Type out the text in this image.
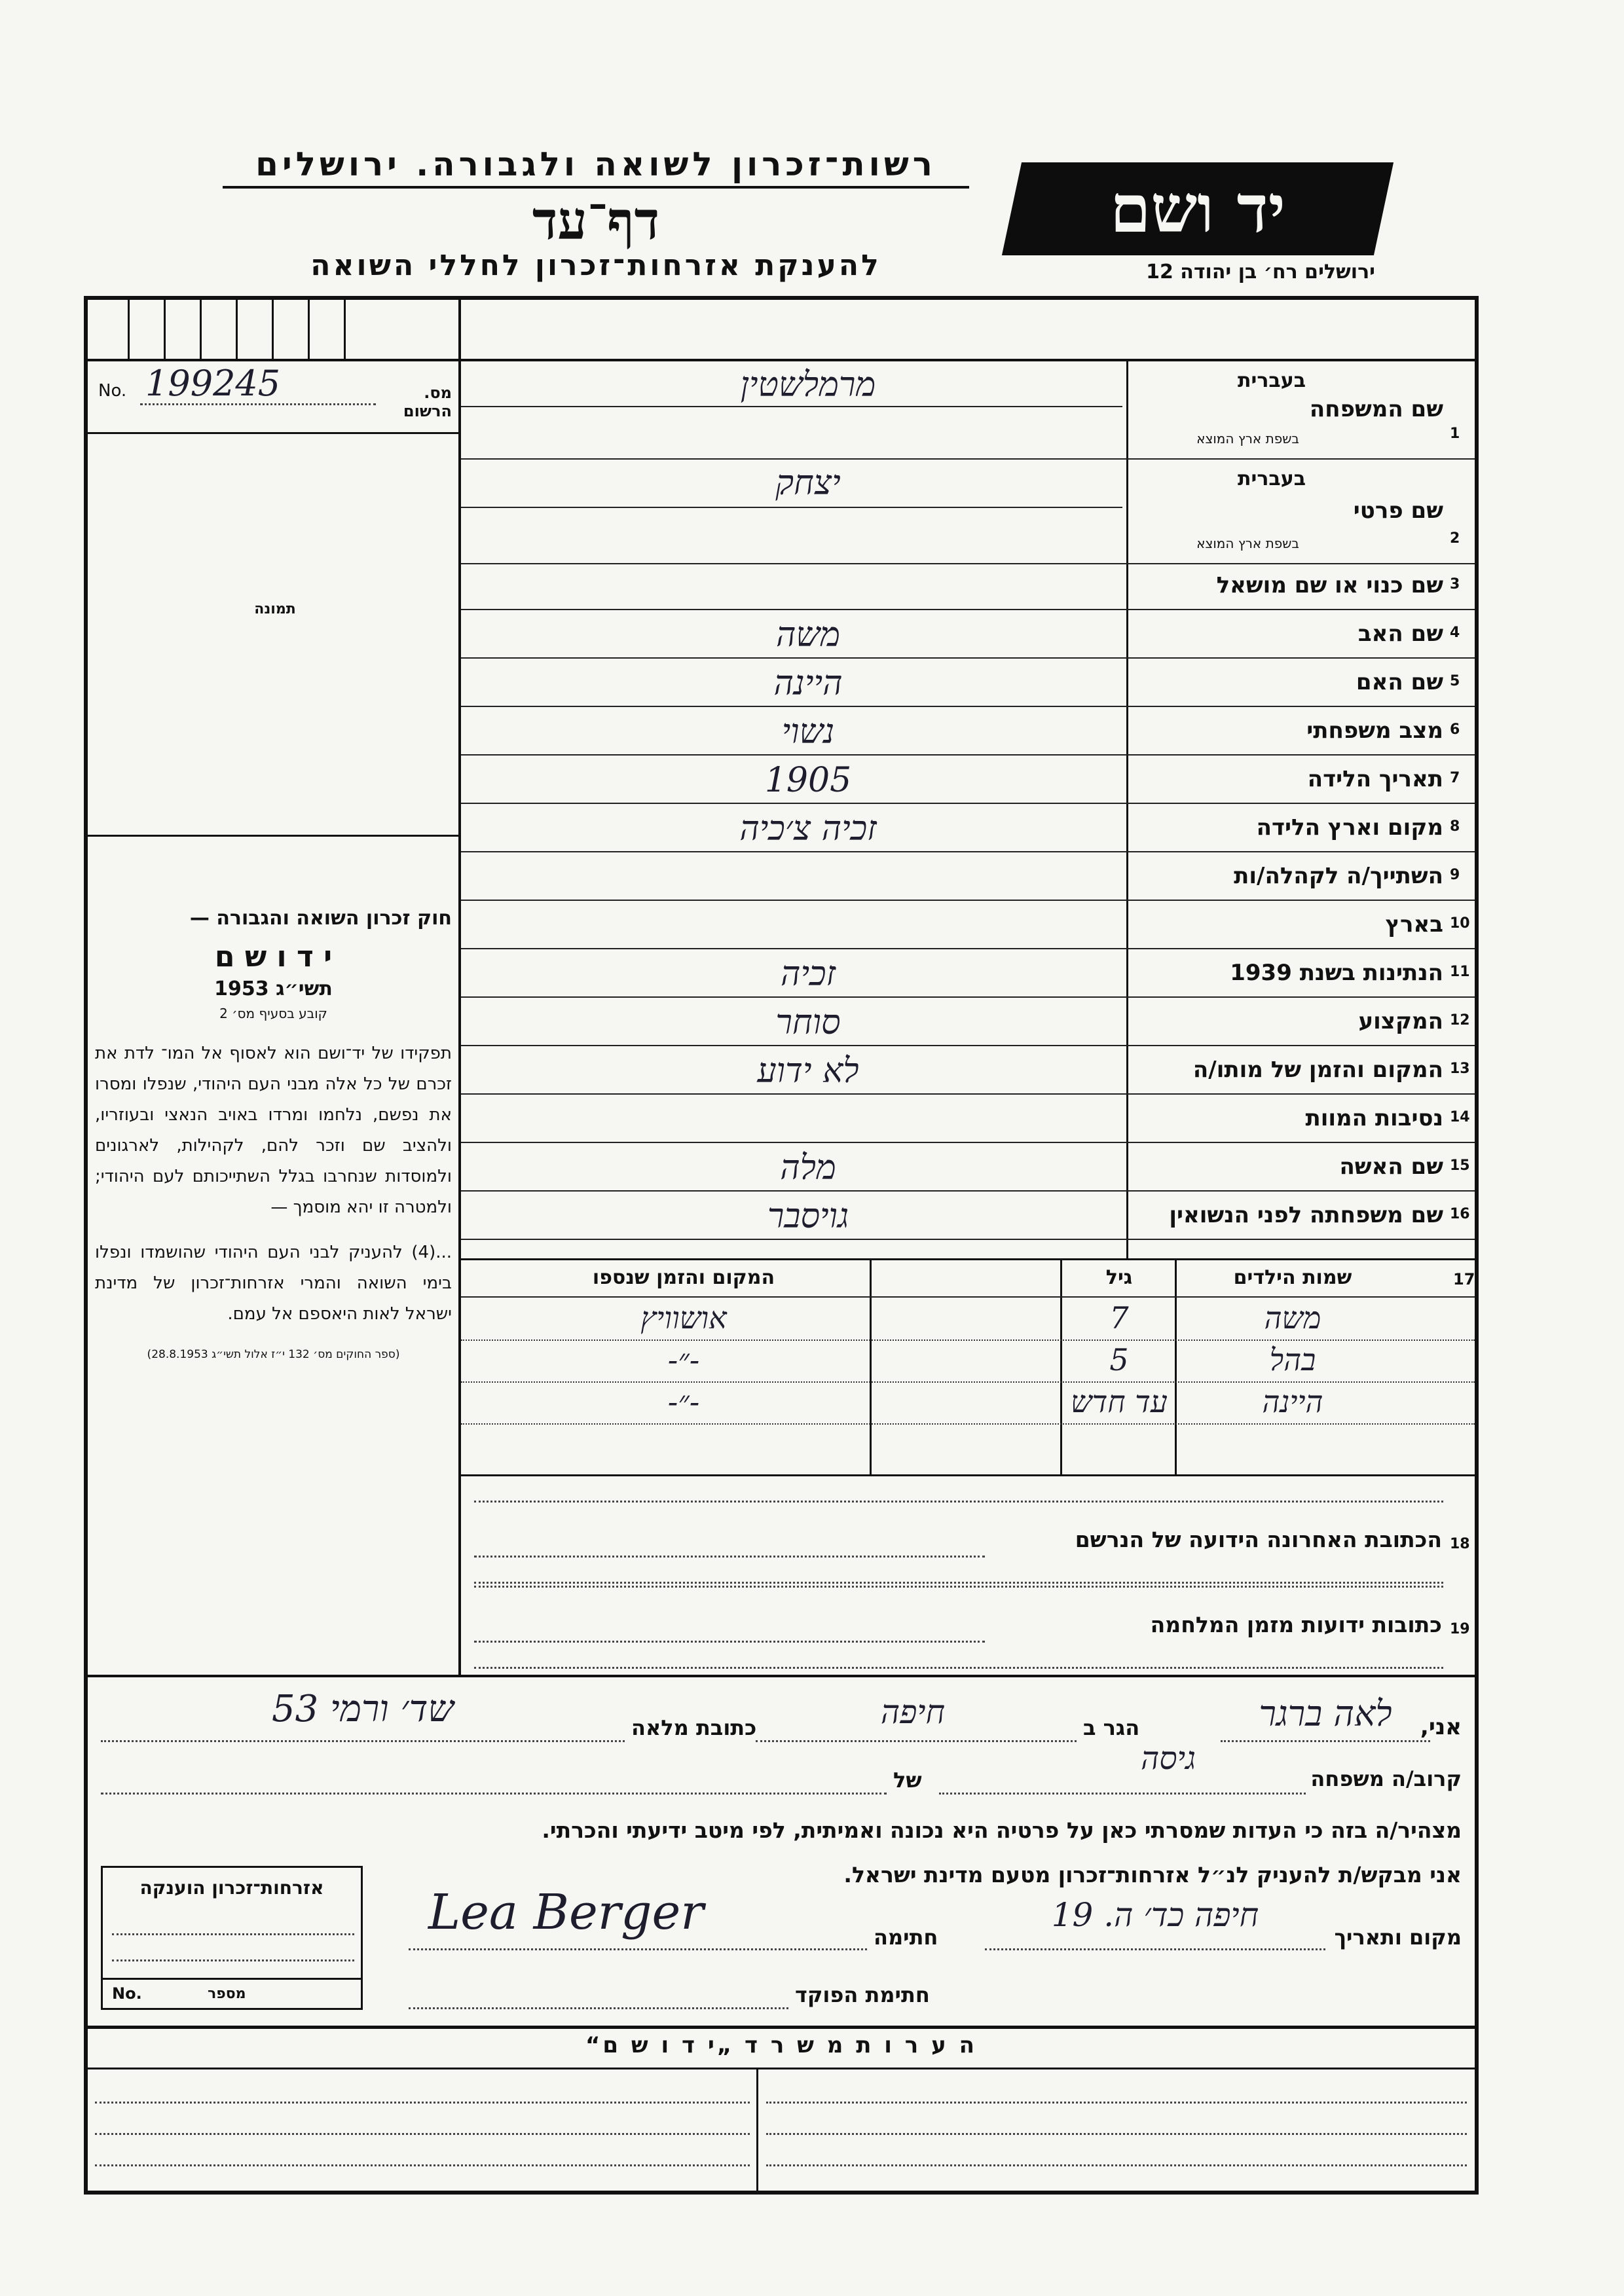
רשות־זכרון לשואה ולגבורה. ירושלים
דף־עד
להענקת אזרחות־זכרון לחללי השואה
יד ושם
ירושלים רח׳ בן יהודה 12
No. 199245	מס. הרשום
תמונה
חוק זכרון השואה והגבורה —
י ד ו ש ם
תשי״ג 1953
קובע בסעיף מס׳ 2
תפקידו של יד־ושם הוא לאסוף אל המו־ לדת את זכרם של כל אלה מבני העם היהודי, שנפלו ומסרו את נפשם, נלחמו ומרדו באויב הנאצי ובעוזריו, ולהציב שם וזכר להם, לקהילות, לארגונים ולמוסדות שנחרבו בגלל השתייכותם לעם היהודי; ולמטרה זו יהא מוסמך —
...(4) להעניק לבני העם היהודי שהושמדו ונפלו בימי השואה והמרי אזרחות־זכרון של מדינת ישראל לאות היאספם אל עמם.
(ספר החוקים מס׳ 132 י״ז אלול תשי״ג 28.8.1953)
1
שם המשפחה
בעברית
בשפת ארץ המוצא
מרמלשטין
2
שם פרטי
בעברית
בשפת ארץ המוצא
יצחק
3
שם כנוי או שם מושאל
4
שם האב
משה
5
שם האם
היינה
6
מצב משפחתי
נשוי
7
תאריך הלידה
1905
8
מקום וארץ הלידה
זכיה צ׳כיה
9
השתייך/ה לקהלה/ות
10
בארץ
11
הנתינות בשנת 1939
זכיה
12
המקצוע
סוחר
13
המקום והזמן של מותו/ה
לא ידוע
14
נסיבות המוות
15
שם האשה
מלה
16
שם משפחתה לפני הנשואין
גויסבר
17
שמות הילדים
גיל
המקום והזמן שנספו
משה
7
אושוויץ
בהל
5
-״-
היינה
עד חדש
-״-
18
הכתובת האחרונה הידועה של הנרשם
19
כתובות ידועות מזמן המלחמה
אני,
לאה ברגר
הגר ב
חיפה
כתובת מלאה
שד׳ ורמי 53
קרוב/ה משפחה
גיסה
של
מצהיר/ה בזה כי העדות שמסרתי כאן על פרטיה היא נכונה ואמיתית, לפי מיטב ידיעתי והכרתי.
אני מבקש/ת להעניק לנ״ל אזרחות־זכרון מטעם מדינת ישראל.
מקום ותאריך
חיפה כד׳ ה. 19
חתימה
Lea Berger
חתימת הפוקד
אזרחות־זכרון הוענקה
No.	מספר
ה ע ר ו ת מ ש ר ד „י ד ו ש ם“
